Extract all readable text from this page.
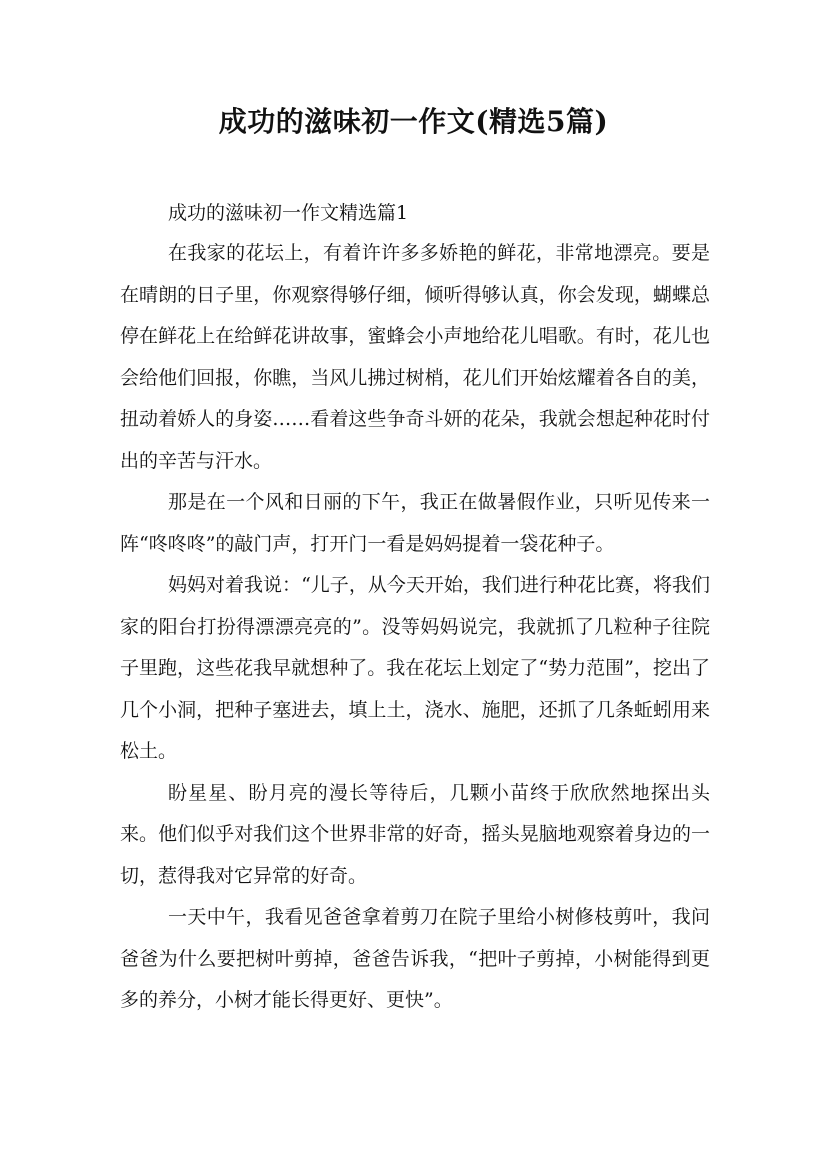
成功的滋味初一作文(精选5篇)

成功的滋味初一作文精选篇1

在我家的花坛上，有着许许多多娇艳的鲜花，非常地漂亮。要是在晴朗的日子里，你观察得够仔细，倾听得够认真，你会发现，蝴蝶总停在鲜花上在给鲜花讲故事，蜜蜂会小声地给花儿唱歌。有时，花儿也会给他们回报，你瞧，当风儿拂过树梢，花儿们开始炫耀着各自的美，扭动着娇人的身姿……看着这些争奇斗妍的花朵，我就会想起种花时付出的辛苦与汗水。

那是在一个风和日丽的下午，我正在做暑假作业，只听见传来一阵“咚咚咚”的敲门声，打开门一看是妈妈提着一袋花种子。

妈妈对着我说：“儿子，从今天开始，我们进行种花比赛，将我们家的阳台打扮得漂漂亮亮的”。没等妈妈说完，我就抓了几粒种子往院子里跑，这些花我早就想种了。我在花坛上划定了“势力范围”，挖出了几个小洞，把种子塞进去，填上土，浇水、施肥，还抓了几条蚯蚓用来松土。

盼星星、盼月亮的漫长等待后，几颗小苗终于欣欣然地探出头来。他们似乎对我们这个世界非常的好奇，摇头晃脑地观察着身边的一切，惹得我对它异常的好奇。

一天中午，我看见爸爸拿着剪刀在院子里给小树修枝剪叶，我问爸爸为什么要把树叶剪掉，爸爸告诉我，“把叶子剪掉，小树能得到更多的养分，小树才能长得更好、更快”。
